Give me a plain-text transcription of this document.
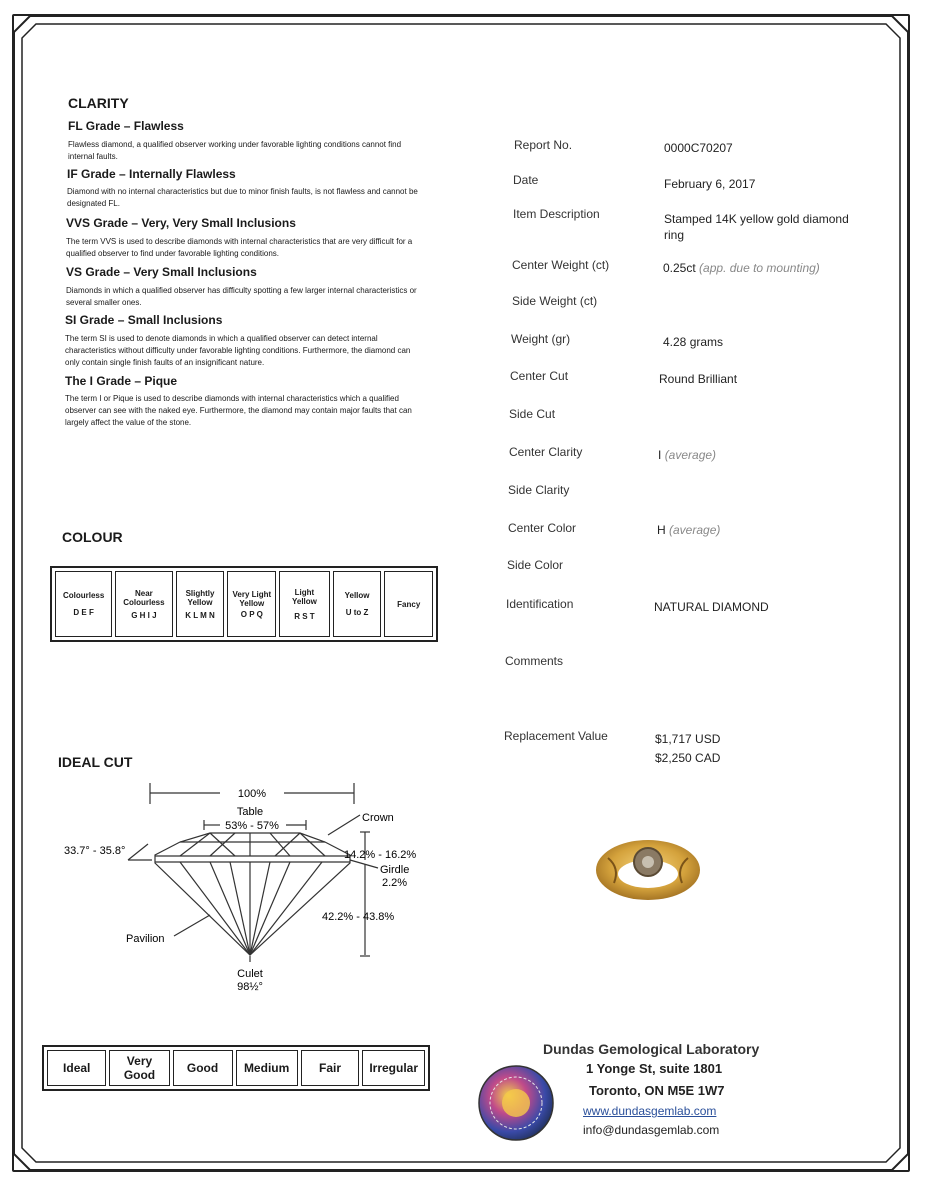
CLARITY
FL Grade – Flawless
Flawless diamond, a qualified observer working under favorable lighting conditions cannot find internal faults.
IF Grade – Internally Flawless
Diamond with no internal characteristics but due to minor finish faults, is not flawless and cannot be designated FL.
VVS Grade – Very, Very Small Inclusions
The term VVS is used to describe diamonds with internal characteristics that are very difficult for a qualified observer to find under favorable lighting conditions.
VS Grade – Very Small Inclusions
Diamonds in which a qualified observer has difficulty spotting a few larger internal characteristics or several smaller ones.
SI Grade – Small Inclusions
The term SI is used to denote diamonds in which a qualified observer can detect internal characteristics without difficulty under favorable lighting conditions. Furthermore, the diamond can only contain single finish faults of an insignificant nature.
The I Grade – Pique
The term I or Pique is used to describe diamonds with internal characteristics which a qualified observer can see with the naked eye. Furthermore, the diamond may contain major faults that can largely affect the value of the stone.
COLOUR
Colourless
D E F

Near Colourless
G H I J

Slightly Yellow
K L M N

Very Light Yellow
O P Q

Light Yellow
R S T

Yellow
U to Z

Fancy
IDEAL CUT
100%
Table
53% - 57%
Crown
33.7° - 35.8°	14.2% - 16.2%
Girdle
2.2%
42.2% - 43.8%
Pavilion
Culet
98½°
Ideal	Very Good	Good	Medium	Fair	Irregular
Report No.	0000C70207
Date	February 6, 2017
Item Description	Stamped 14K yellow gold diamond ring
Center Weight (ct)	0.25ct (app. due to mounting)
Side Weight (ct)
Weight (gr)	4.28 grams
Center Cut	Round Brilliant
Side Cut
Center Clarity	I (average)
Side Clarity
Center Color	H (average)
Side Color
Identification	NATURAL DIAMOND
Comments
Replacement Value	$1,717 USD
$2,250 CAD
Dundas Gemological Laboratory
1 Yonge St, suite 1801
Toronto, ON M5E 1W7
www.dundasgemlab.com
info@dundasgemlab.com
